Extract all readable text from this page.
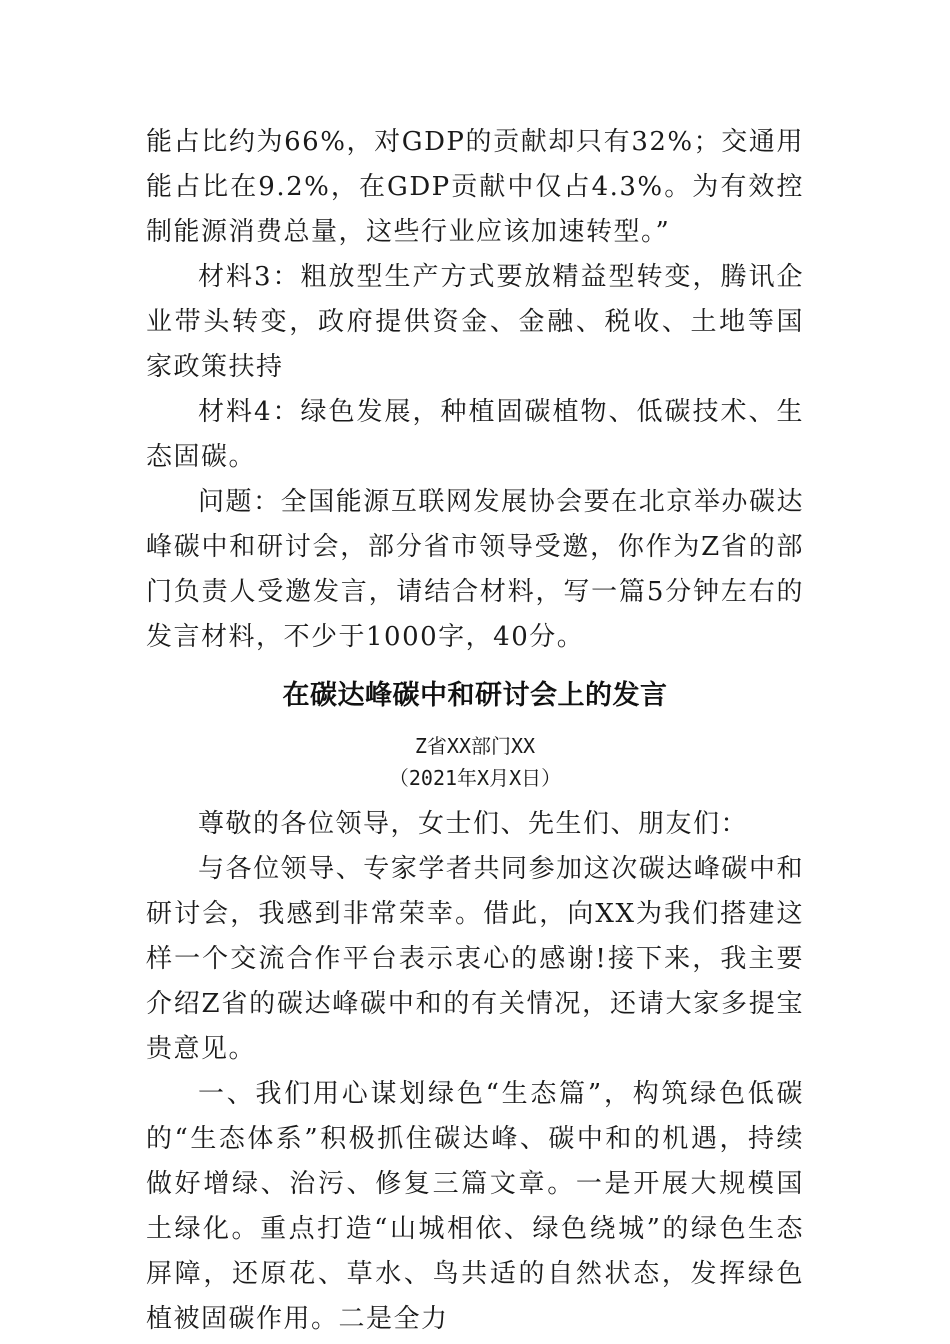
能占比约为66%，对GDP的贡献却只有32%；交通用能占比在9.2%，在GDP贡献中仅占4.3%。为有效控制能源消费总量，这些行业应该加速转型。”

材料3：粗放型生产方式要放精益型转变，腾讯企业带头转变，政府提供资金、金融、税收、土地等国家政策扶持

材料4：绿色发展，种植固碳植物、低碳技术、生态固碳。

问题：全国能源互联网发展协会要在北京举办碳达峰碳中和研讨会，部分省市领导受邀，你作为Z省的部门负责人受邀发言，请结合材料，写一篇5分钟左右的发言材料，不少于1000字，40分。

在碳达峰碳中和研讨会上的发言

Z省XX部门XX

（2021年X月X日）

尊敬的各位领导，女士们、先生们、朋友们：

与各位领导、专家学者共同参加这次碳达峰碳中和研讨会，我感到非常荣幸。借此，向XX为我们搭建这样一个交流合作平台表示衷心的感谢!接下来，我主要介绍Z省的碳达峰碳中和的有关情况，还请大家多提宝贵意见。

一、我们用心谋划绿色“生态篇”，构筑绿色低碳的“生态体系”积极抓住碳达峰、碳中和的机遇，持续做好增绿、治污、修复三篇文章。一是开展大规模国土绿化。重点打造“山城相依、绿色绕城”的绿色生态屏障，还原花、草水、鸟共适的自然状态，发挥绿色植被固碳作用。二是全力
